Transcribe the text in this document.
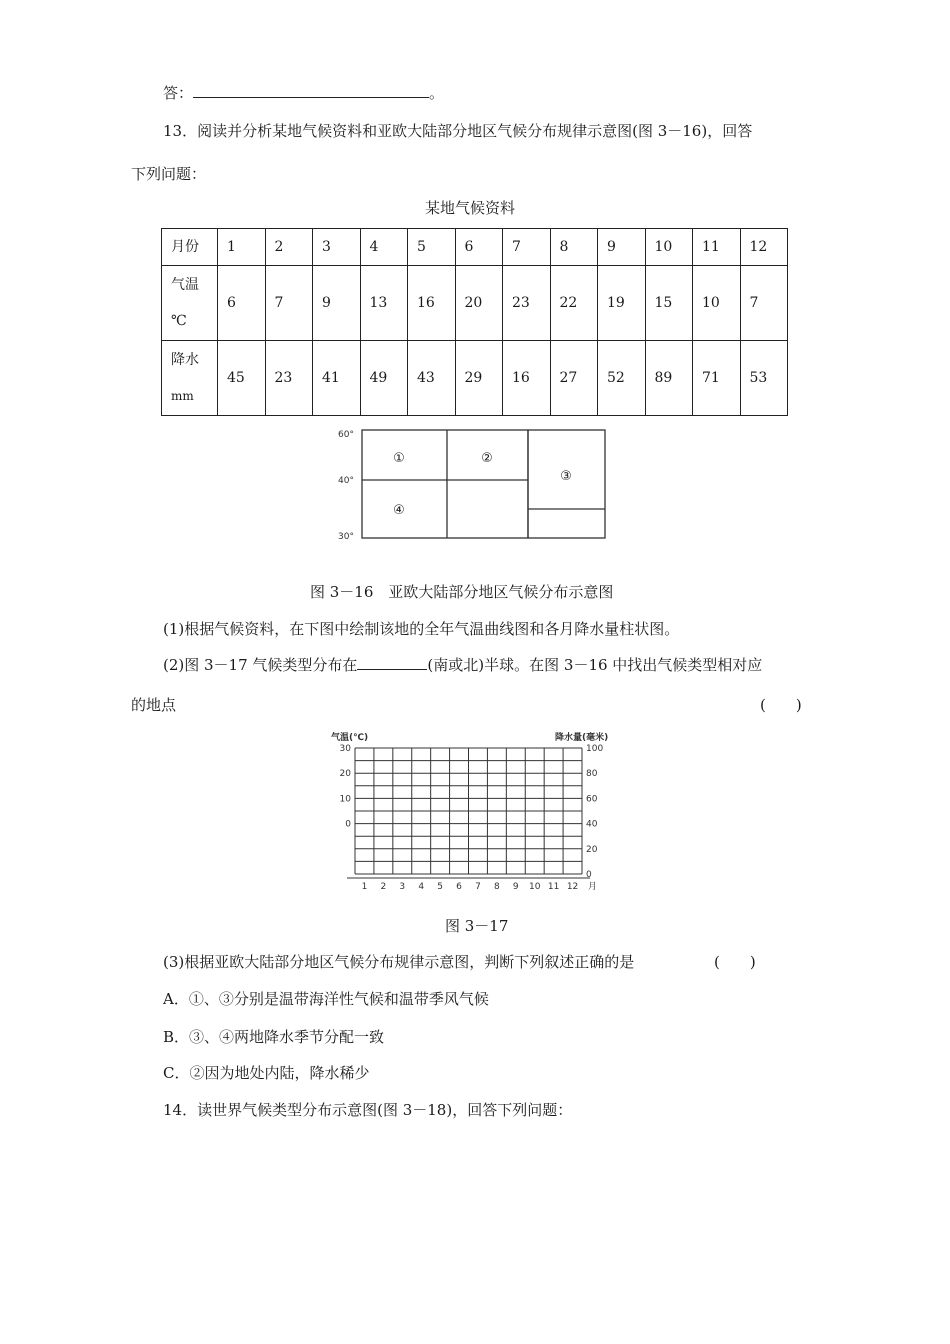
答：	。
13．阅读并分析某地气候资料和亚欧大陆部分地区气候分布规律示意图(图 3－16)，回答
下列问题：
某地气候资料
月份	1	2	3	4	5	6	7	8	9	10	11	12

气温
℃	6	7	9	13	16	20	23	22	19	15	10	7

降水
mm	45	23	41	49	43	29	16	27	52	89	71	53
60°
40°
30°
①	②
③
④
图 3－16　亚欧大陆部分地区气候分布示意图
(1)根据气候资料，在下图中绘制该地的全年气温曲线图和各月降水量柱状图。
(2)图 3－17 气候类型分布在	(南或北)半球。在图 3－16 中找出气候类型相对应
的地点	(　　)
气温(℃)	降水量(毫米)
30
20
10
0
100
80
60
40
20
0
1 2 3 4 5 6 7 8 9 10 11 12 月
图 3－17
(3)根据亚欧大陆部分地区气候分布规律示意图，判断下列叙述正确的是	(　　)
A．①、③分别是温带海洋性气候和温带季风气候
B．③、④两地降水季节分配一致
C．②因为地处内陆，降水稀少
14．读世界气候类型分布示意图(图 3－18)，回答下列问题：
